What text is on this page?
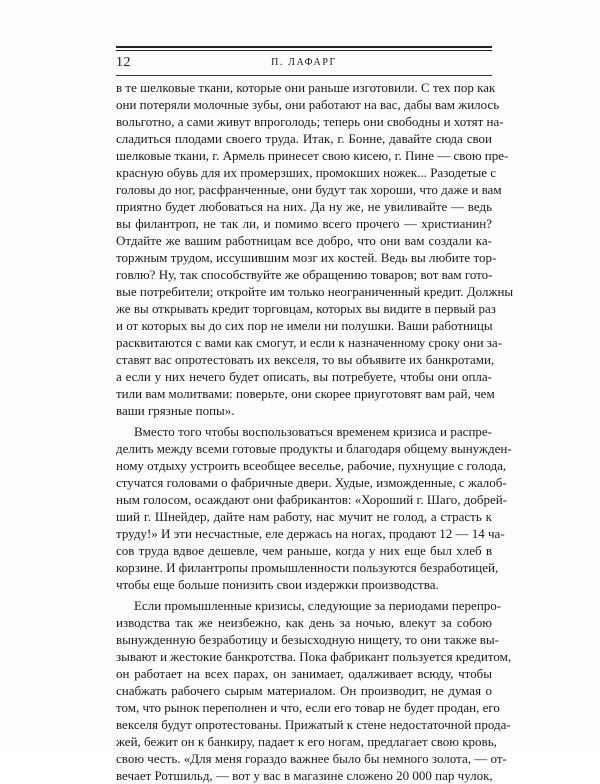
12	П. ЛАФАРГ

в те шелковые ткани, которые они раньше изготовили. С тех пор как
они потеряли молочные зубы, они работают на вас, дабы вам жилось
вольготно, а сами живут впроголодь; теперь они свободны и хотят на-
сладиться плодами своего труда. Итак, г. Бонне, давайте сюда свои
шелковые ткани, г. Армель принесет свою кисею, г. Пине — свою пре-
красную обувь для их промерзших, промокших ножек... Разодетые с
головы до ног, расфранченные, они будут так хороши, что даже и вам
приятно будет любоваться на них. Да ну же, не увиливайте — ведь
вы филантроп, не так ли, и помимо всего прочего — христианин?
Отдайте же вашим работницам все добро, что они вам создали ка-
торжным трудом, иссушившим мозг их костей. Ведь вы любите тор-
говлю? Ну, так способствуйте же обращению товаров; вот вам гото-
вые потребители; откройте им только неограниченный кредит. Должны
же вы открывать кредит торговцам, которых вы видите в первый раз
и от которых вы до сих пор не имели ни полушки. Ваши работницы
расквитаются с вами как смогут, и если к назначенному сроку они за-
ставят вас опротестовать их векселя, то вы объявите их банкротами,
а если у них нечего будет описать, вы потребуете, чтобы они опла-
тили вам молитвами: поверьте, они скорее приуготовят вам рай, чем
ваши грязные попы».

Вместо того чтобы воспользоваться временем кризиса и распре-
делить между всеми готовые продукты и благодаря общему вынужден-
ному отдыху устроить всеобщее веселье, рабочие, пухнущие с голода,
стучатся головами о фабричные двери. Худые, изможденные, с жалоб-
ным голосом, осаждают они фабрикантов: «Хороший г. Шаго, добрей-
ший г. Шнейдер, дайте нам работу, нас мучит не голод, а страсть к
труду!» И эти несчастные, еле держась на ногах, продают 12 — 14 ча-
сов труда вдвое дешевле, чем раньше, когда у них еще был хлеб в
корзине. И филантропы промышленности пользуются безработицей,
чтобы еще больше понизить свои издержки производства.

Если промышленные кризисы, следующие за периодами перепро-
изводства так же неизбежно, как день за ночью, влекут за собою
вынужденную безработицу и безысходную нищету, то они также вы-
зывают и жестокие банкротства. Пока фабрикант пользуется кредитом,
он работает на всех парах, он занимает, одалживает всюду, чтобы
снабжать рабочего сырым материалом. Он производит, не думая о
том, что рынок переполнен и что, если его товар не будет продан, его
векселя будут опротестованы. Прижатый к стене недостаточной прода-
жей, бежит он к банкиру, падает к его ногам, предлагает свою кровь,
свою честь. «Для меня гораздо важнее было бы немного золота, — от-
вечает Ротшильд, — вот у вас в магазине сложено 20 000 пар чулок,
